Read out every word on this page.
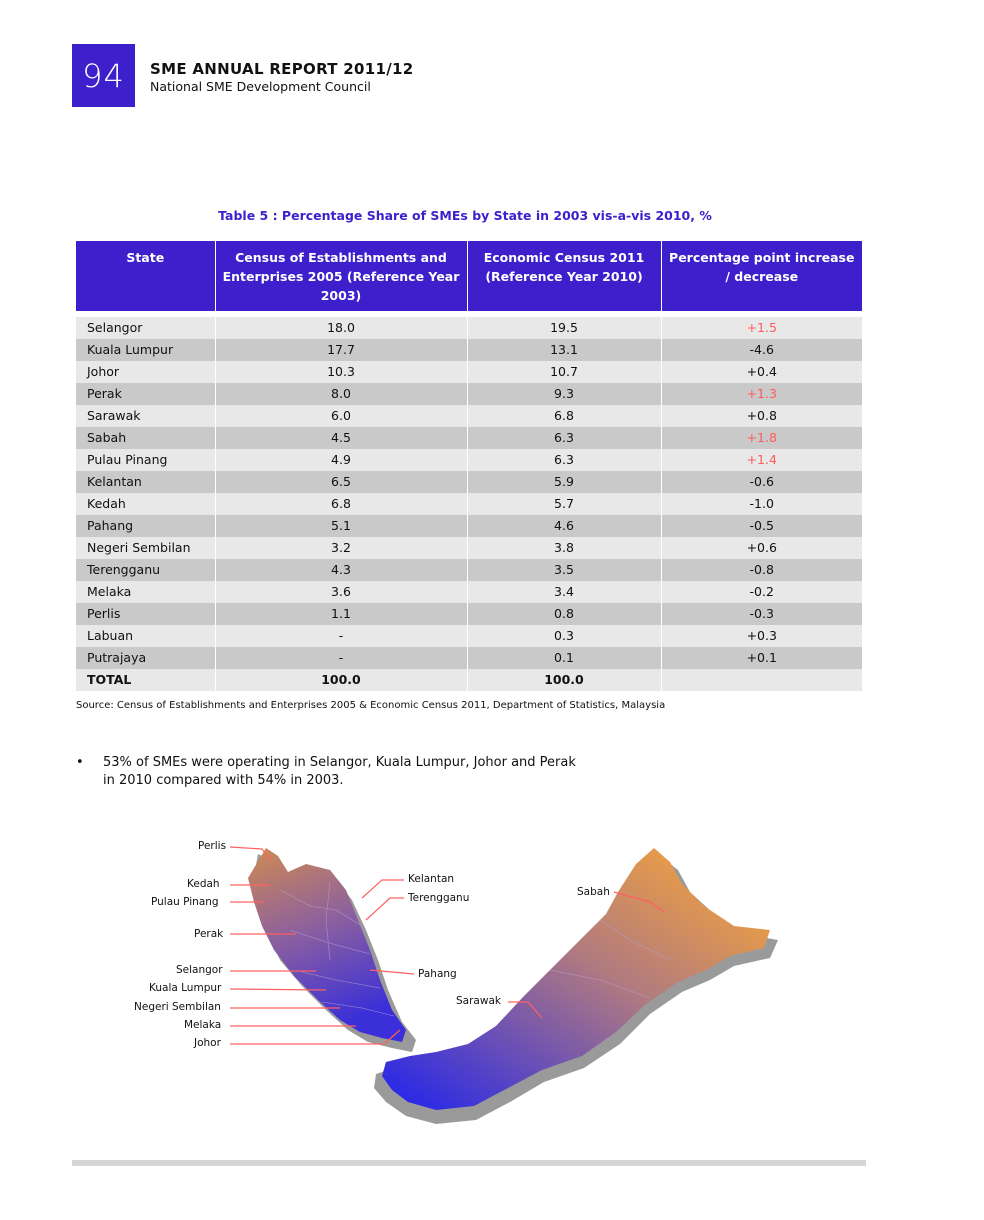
94 SME ANNUAL REPORT 2011/12
National SME Development Council
Table 5 : Percentage Share of SMEs by State in 2003 vis-a-vis 2010, %
State	Census of Establishments and Enterprises 2005 (Reference Year 2003)	Economic Census 2011 (Reference Year 2010)	Percentage point increase / decrease

Selangor	18.0	19.5	+1.5
Kuala Lumpur	17.7	13.1	-4.6
Johor	10.3	10.7	+0.4
Perak	8.0	9.3	+1.3
Sarawak	6.0	6.8	+0.8
Sabah	4.5	6.3	+1.8
Pulau Pinang	4.9	6.3	+1.4
Kelantan	6.5	5.9	-0.6
Kedah	6.8	5.7	-1.0
Pahang	5.1	4.6	-0.5
Negeri Sembilan	3.2	3.8	+0.6
Terengganu	4.3	3.5	-0.8
Melaka	3.6	3.4	-0.2
Perlis	1.1	0.8	-0.3
Labuan	-	0.3	+0.3
Putrajaya	-	0.1	+0.1
TOTAL	100.0	100.0	
Source: Census of Establishments and Enterprises 2005 & Economic Census 2011, Department of Statistics, Malaysia
• 53% of SMEs were operating in Selangor, Kuala Lumpur, Johor and Perak in 2010 compared with 54% in 2003.
Perlis
Kedah
Pulau Pinang
Perak
Selangor
Kuala Lumpur
Negeri Sembilan
Melaka
Johor
Kelantan
Terengganu
Pahang
Sabah
Sarawak
